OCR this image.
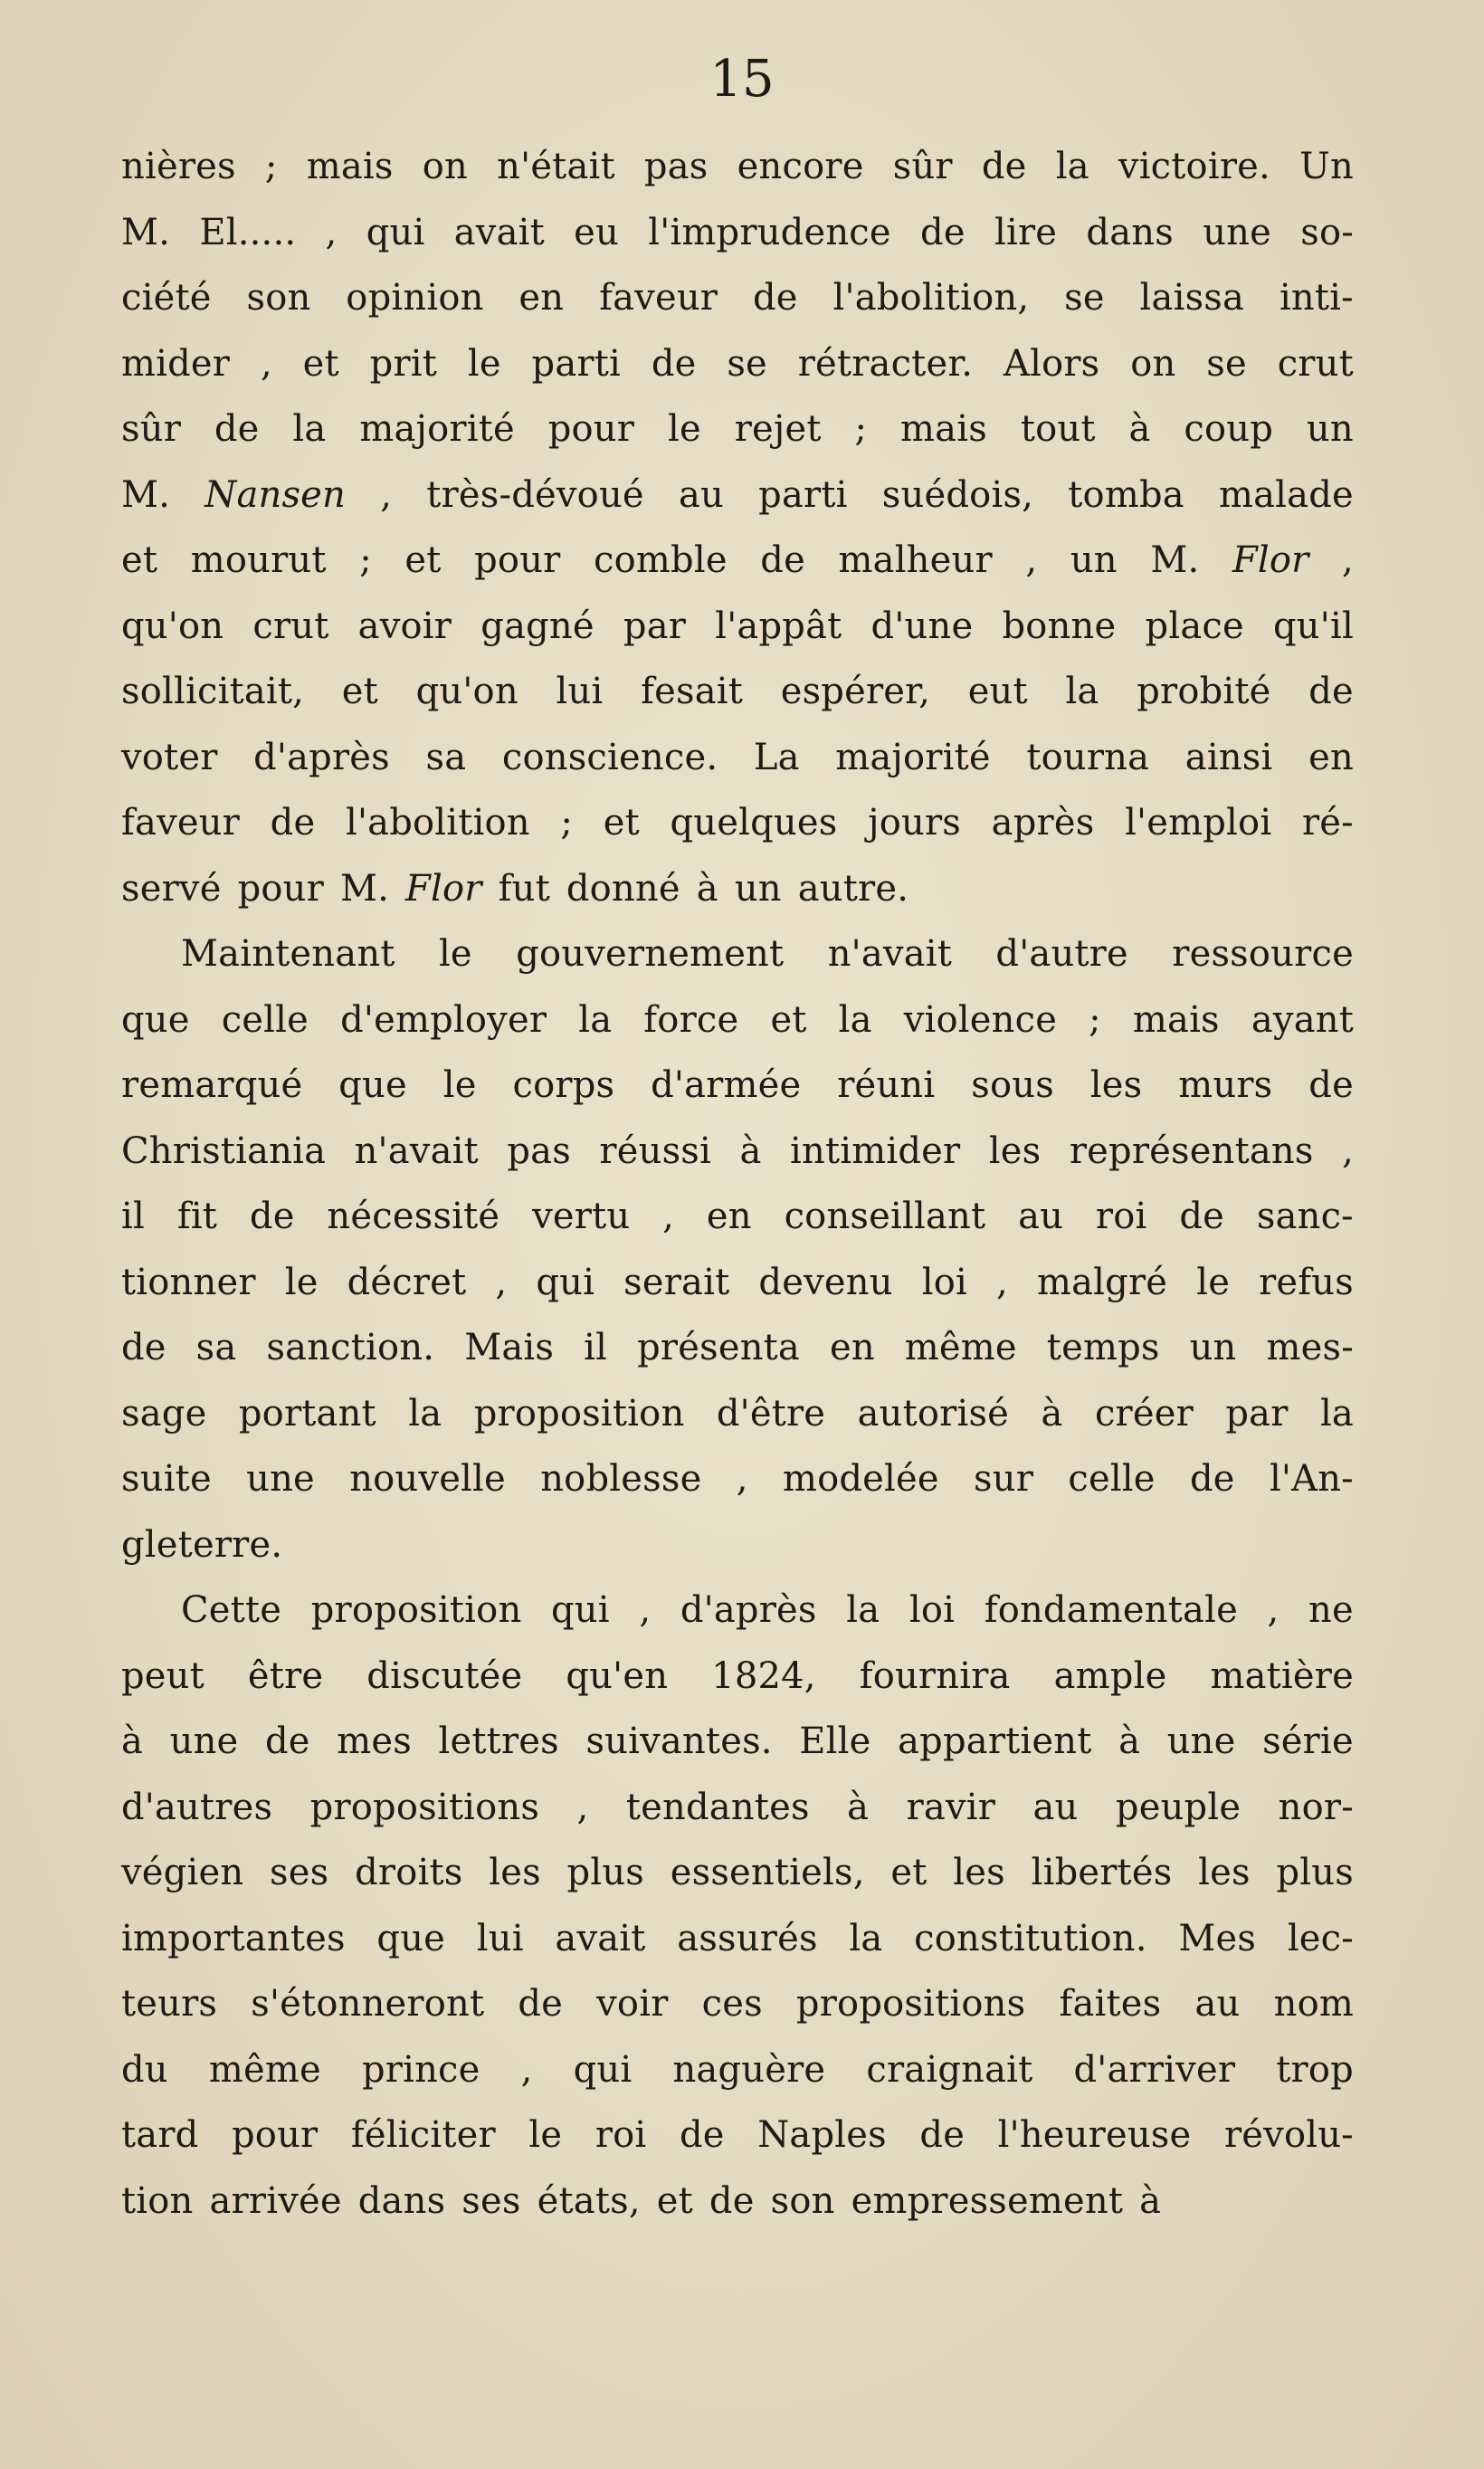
15
nières ; mais on n'était pas encore sûr de la victoire. Un
M. El..... , qui avait eu l'imprudence de lire dans une so-
ciété son opinion en faveur de l'abolition, se laissa inti-
mider , et prit le parti de se rétracter. Alors on se crut
sûr de la majorité pour le rejet ; mais tout à coup un
M. Nansen , très-dévoué au parti suédois, tomba malade
et mourut ; et pour comble de malheur , un M. Flor ,
qu'on crut avoir gagné par l'appât d'une bonne place qu'il
sollicitait, et qu'on lui fesait espérer, eut la probité de
voter d'après sa conscience. La majorité tourna ainsi en
faveur de l'abolition ; et quelques jours après l'emploi ré-
servé pour M. Flor fut donné à un autre.
Maintenant le gouvernement n'avait d'autre ressource
que celle d'employer la force et la violence ; mais ayant
remarqué que le corps d'armée réuni sous les murs de
Christiania n'avait pas réussi à intimider les représentans ,
il fit de nécessité vertu , en conseillant au roi de sanc-
tionner le décret , qui serait devenu loi , malgré le refus
de sa sanction. Mais il présenta en même temps un mes-
sage portant la proposition d'être autorisé à créer par la
suite une nouvelle noblesse , modelée sur celle de l'An-
gleterre.
Cette proposition qui , d'après la loi fondamentale , ne
peut être discutée qu'en 1824, fournira ample matière
à une de mes lettres suivantes. Elle appartient à une série
d'autres propositions , tendantes à ravir au peuple nor-
végien ses droits les plus essentiels, et les libertés les plus
importantes que lui avait assurés la constitution. Mes lec-
teurs s'étonneront de voir ces propositions faites au nom
du même prince , qui naguère craignait d'arriver trop
tard pour féliciter le roi de Naples de l'heureuse révolu-
tion arrivée dans ses états, et de son empressement à
